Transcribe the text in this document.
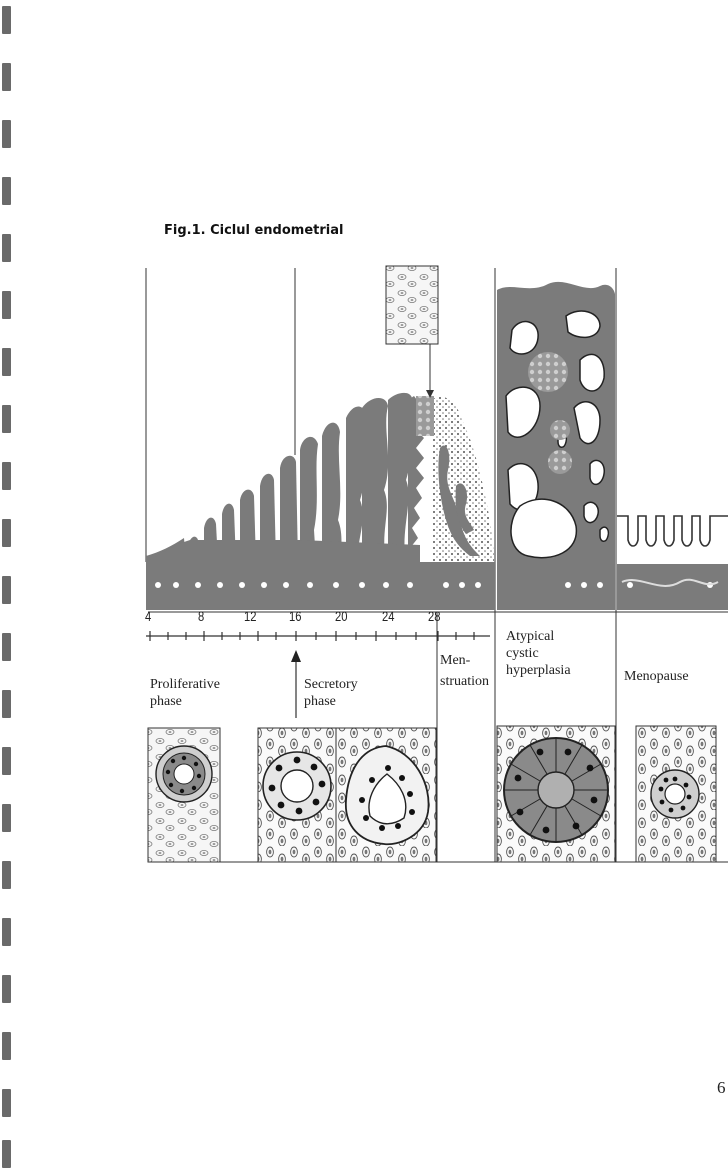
Fig.1. Ciclul endometrial
4	8	12 16 20 24 28
Proliferative
phase
Secretory
phase
Men-
struation
Atypical
cystic
hyperplasia	Menopause
6
